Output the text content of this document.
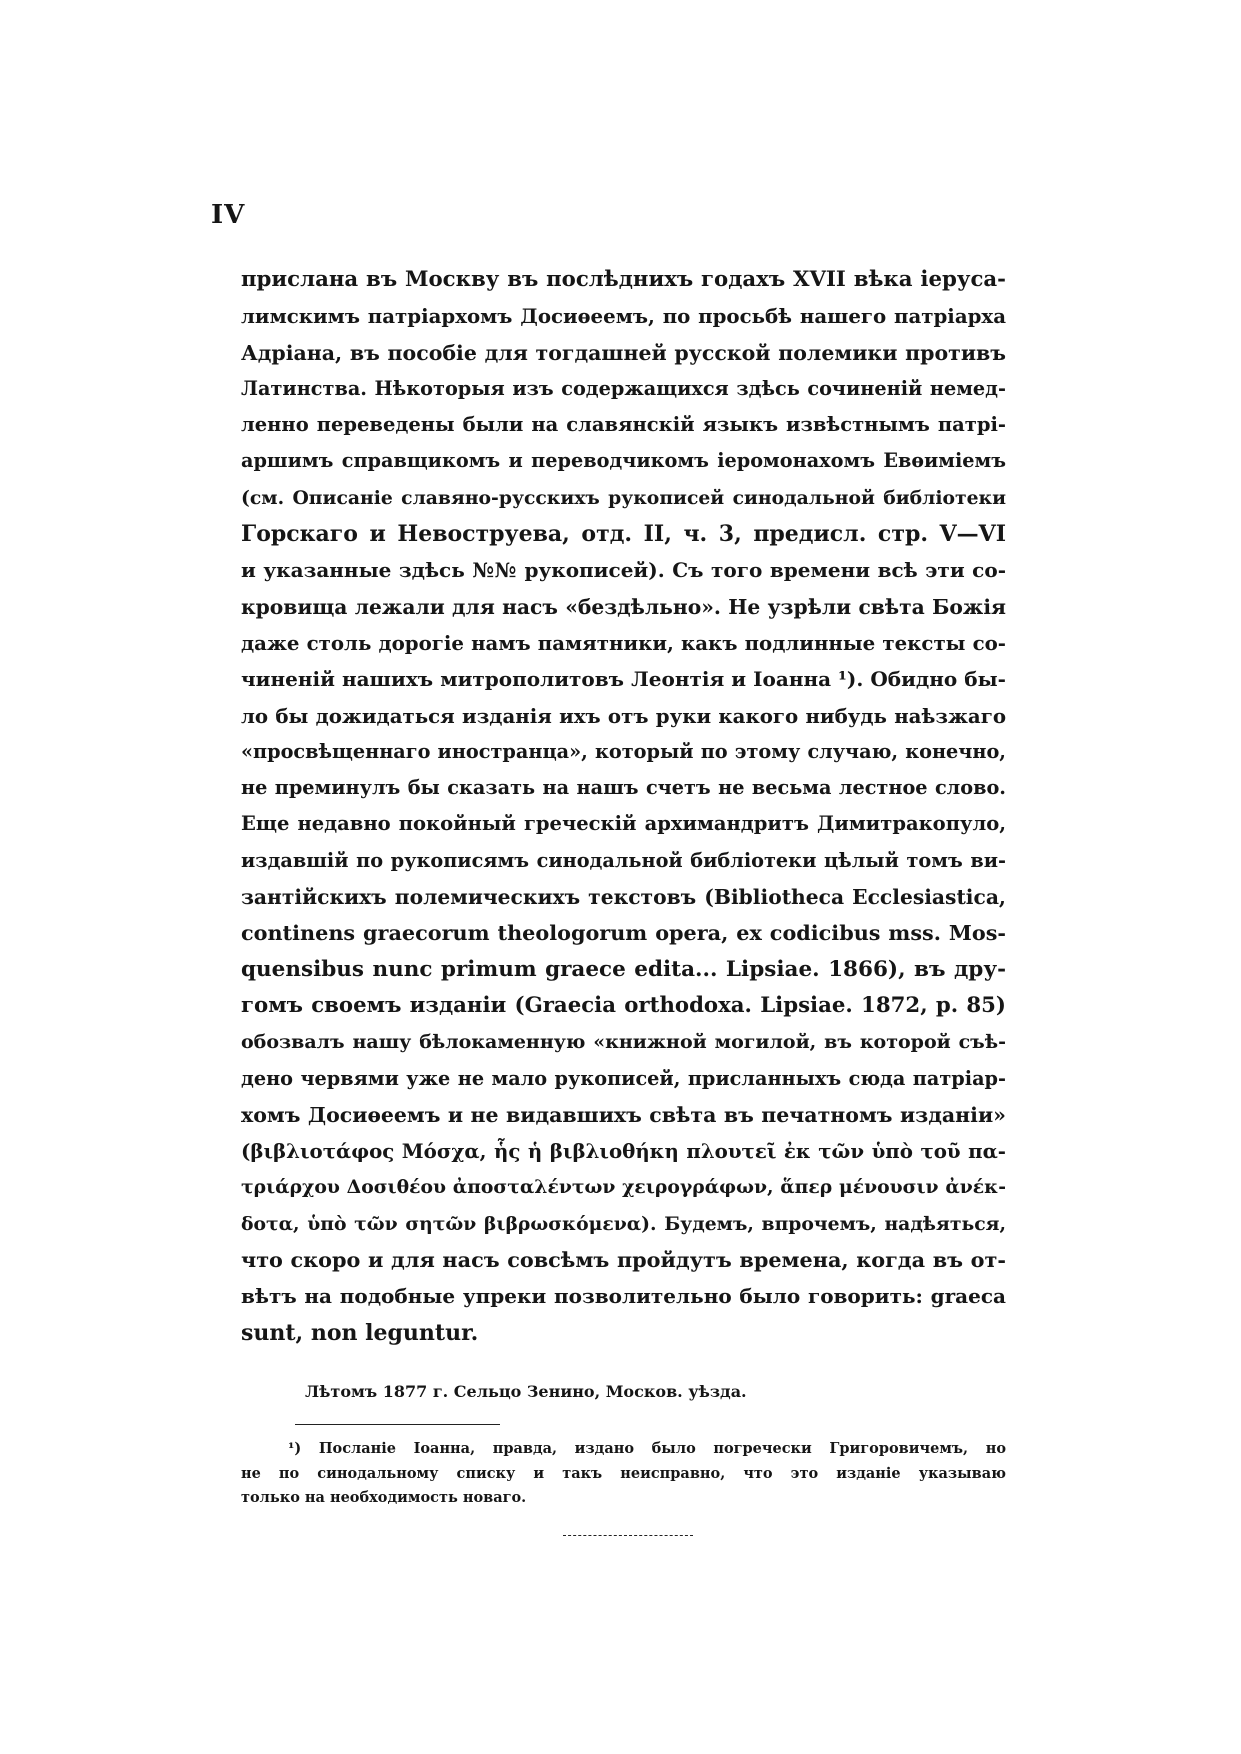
IV
прислана въ Москву въ послѣднихъ годахъ XVII вѣка іеруса-
лимскимъ патріархомъ Досиѳеемъ, по просьбѣ нашего патріарха
Адріана, въ пособіе для тогдашней русской полемики противъ
Латинства. Нѣкоторыя изъ содержащихся здѣсь сочиненій немед-
ленно переведены были на славянскій языкъ извѣстнымъ патрі-
аршимъ справщикомъ и переводчикомъ іеромонахомъ Евѳиміемъ
(см. Описаніе славяно-русскихъ рукописей синодальной библіотеки
Горскаго и Невоструева, отд. II, ч. 3, предисл. стр. V—VI
и указанные здѣсь №№ рукописей). Съ того времени всѣ эти со-
кровища лежали для насъ «бездѣльно». Не узрѣли свѣта Божія
даже столь дорогіе намъ памятники, какъ подлинные тексты со-
чиненій нашихъ митрополитовъ Леонтія и Іоанна ¹). Обидно бы-
ло бы дожидаться изданія ихъ отъ руки какого нибудь наѣзжаго
«просвѣщеннаго иностранца», который по этому случаю, конечно,
не преминулъ бы сказать на нашъ счетъ не весьма лестное слово.
Еще недавно покойный греческій архимандритъ Димитракопуло,
издавшій по рукописямъ синодальной библіотеки цѣлый томъ ви-
зантійскихъ полемическихъ текстовъ (Bibliotheca Ecclesiastica,
continens graecorum theologorum opera, ex codicibus mss. Mos-
quensibus nunc primum graece edita... Lipsiae. 1866), въ дру-
гомъ своемъ изданіи (Graecia orthodoxa. Lipsiae. 1872, p. 85)
обозвалъ нашу бѣлокаменную «книжной могилой, въ которой съѣ-
дено червями уже не мало рукописей, присланныхъ сюда патріар-
хомъ Досиѳеемъ и не видавшихъ свѣта въ печатномъ изданіи»
(βιβλιοτάφος Μόσχα, ἧς ἡ βιβλιοθήκη πλουτεῖ ἐκ τῶν ὑπὸ τοῦ πα-
τριάρχου Δοσιθέου ἀποσταλέντων χειρογράφων, ἅπερ μένουσιν ἀνέκ-
δοτα, ὑπὸ τῶν σητῶν βιβρωσκόμενα). Будемъ, впрочемъ, надѣяться,
что скоро и для насъ совсѣмъ пройдутъ времена, когда въ от-
вѣтъ на подобные упреки позволительно было говорить: graeca
sunt, non leguntur.
Лѣтомъ 1877 г. Сельцо Зенино, Москов. уѣзда.
¹) Посланіе Іоанна, правда, издано было погречески Григоровичемъ, но
не по синодальному списку и такъ неисправно, что это изданіе указываю
только на необходимость новаго.
